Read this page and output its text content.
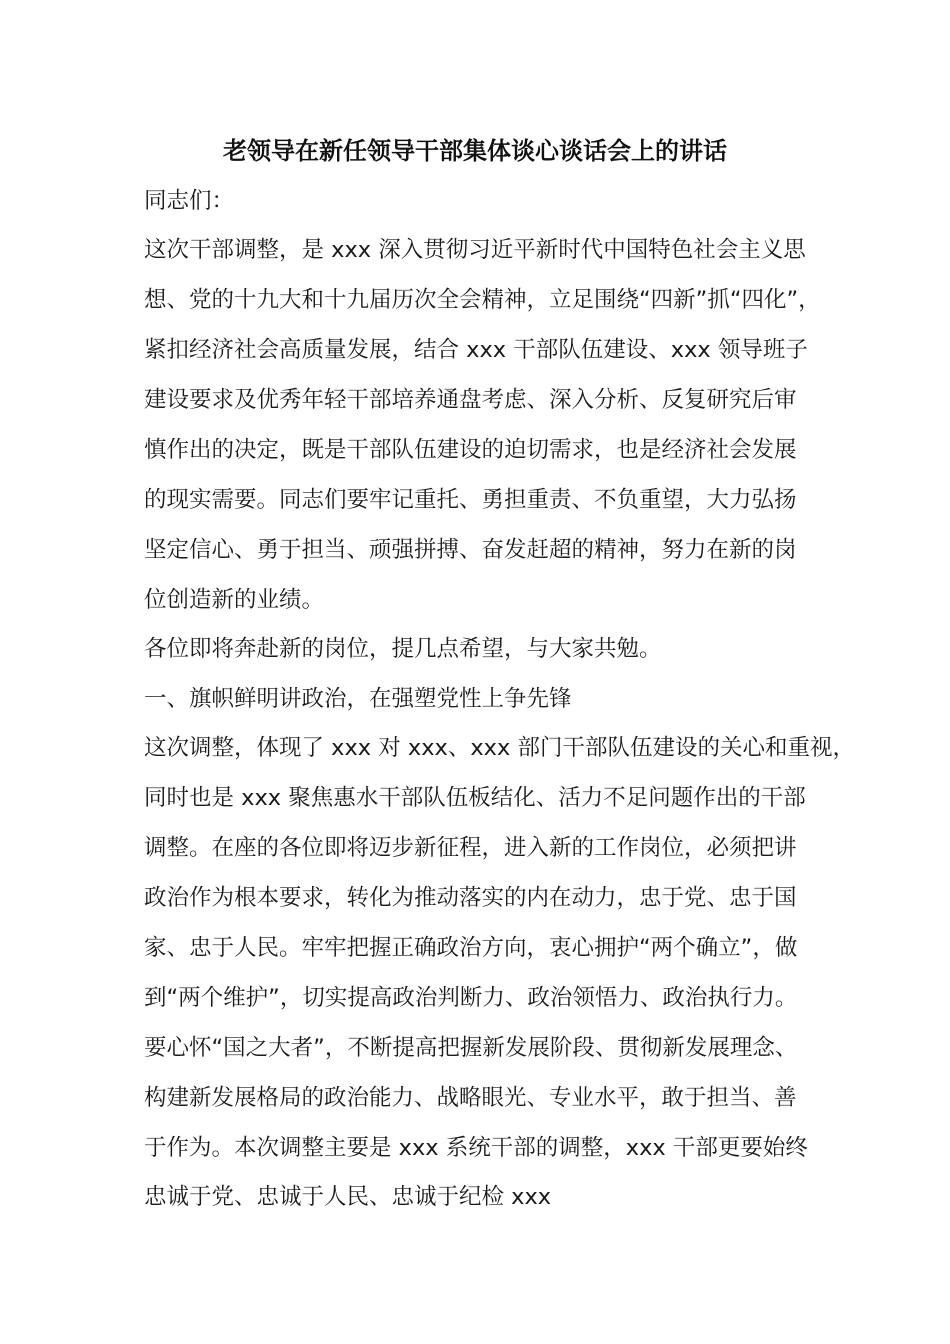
老领导在新任领导干部集体谈心谈话会上的讲话

同志们：

这次干部调整，是 xxx 深入贯彻习近平新时代中国特色社会主义思

想、党的十九大和十九届历次全会精神，立足围绕“四新”抓“四化”，

紧扣经济社会高质量发展，结合 xxx 干部队伍建设、xxx 领导班子

建设要求及优秀年轻干部培养通盘考虑、深入分析、反复研究后审

慎作出的决定，既是干部队伍建设的迫切需求，也是经济社会发展

的现实需要。同志们要牢记重托、勇担重责、不负重望，大力弘扬

坚定信心、勇于担当、顽强拼搏、奋发赶超的精神，努力在新的岗

位创造新的业绩。

各位即将奔赴新的岗位，提几点希望，与大家共勉。

一、旗帜鲜明讲政治，在强塑党性上争先锋

这次调整，体现了 xxx 对 xxx、xxx 部门干部队伍建设的关心和重视，

同时也是 xxx 聚焦惠水干部队伍板结化、活力不足问题作出的干部

调整。在座的各位即将迈步新征程，进入新的工作岗位，必须把讲

政治作为根本要求，转化为推动落实的内在动力，忠于党、忠于国

家、忠于人民。牢牢把握正确政治方向，衷心拥护“两个确立”，做

到“两个维护”，切实提高政治判断力、政治领悟力、政治执行力。

要心怀“国之大者”，不断提高把握新发展阶段、贯彻新发展理念、

构建新发展格局的政治能力、战略眼光、专业水平，敢于担当、善

于作为。本次调整主要是 xxx 系统干部的调整，xxx 干部更要始终

忠诚于党、忠诚于人民、忠诚于纪检 xxx
